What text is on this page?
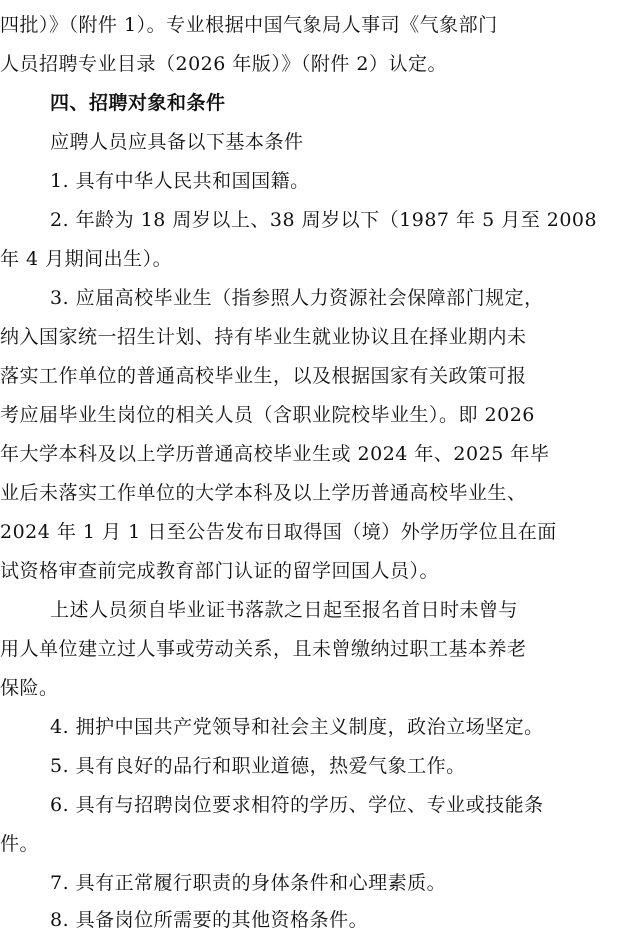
四批）》（附件 1）。专业根据中国气象局人事司《气象部门
人员招聘专业目录（2026 年版）》（附件 2）认定。
四、招聘对象和条件
应聘人员应具备以下基本条件
1. 具有中华人民共和国国籍。
2. 年龄为 18 周岁以上、38 周岁以下（1987 年 5 月至 2008
年 4 月期间出生）。
3. 应届高校毕业生（指参照人力资源社会保障部门规定，
纳入国家统一招生计划、持有毕业生就业协议且在择业期内未
落实工作单位的普通高校毕业生，以及根据国家有关政策可报
考应届毕业生岗位的相关人员（含职业院校毕业生）。即 2026
年大学本科及以上学历普通高校毕业生或 2024 年、2025 年毕
业后未落实工作单位的大学本科及以上学历普通高校毕业生、
2024 年 1 月 1 日至公告发布日取得国（境）外学历学位且在面
试资格审查前完成教育部门认证的留学回国人员）。
上述人员须自毕业证书落款之日起至报名首日时未曾与
用人单位建立过人事或劳动关系，且未曾缴纳过职工基本养老
保险。
4. 拥护中国共产党领导和社会主义制度，政治立场坚定。
5. 具有良好的品行和职业道德，热爱气象工作。
6. 具有与招聘岗位要求相符的学历、学位、专业或技能条
件。
7. 具有正常履行职责的身体条件和心理素质。
8. 具备岗位所需要的其他资格条件。
